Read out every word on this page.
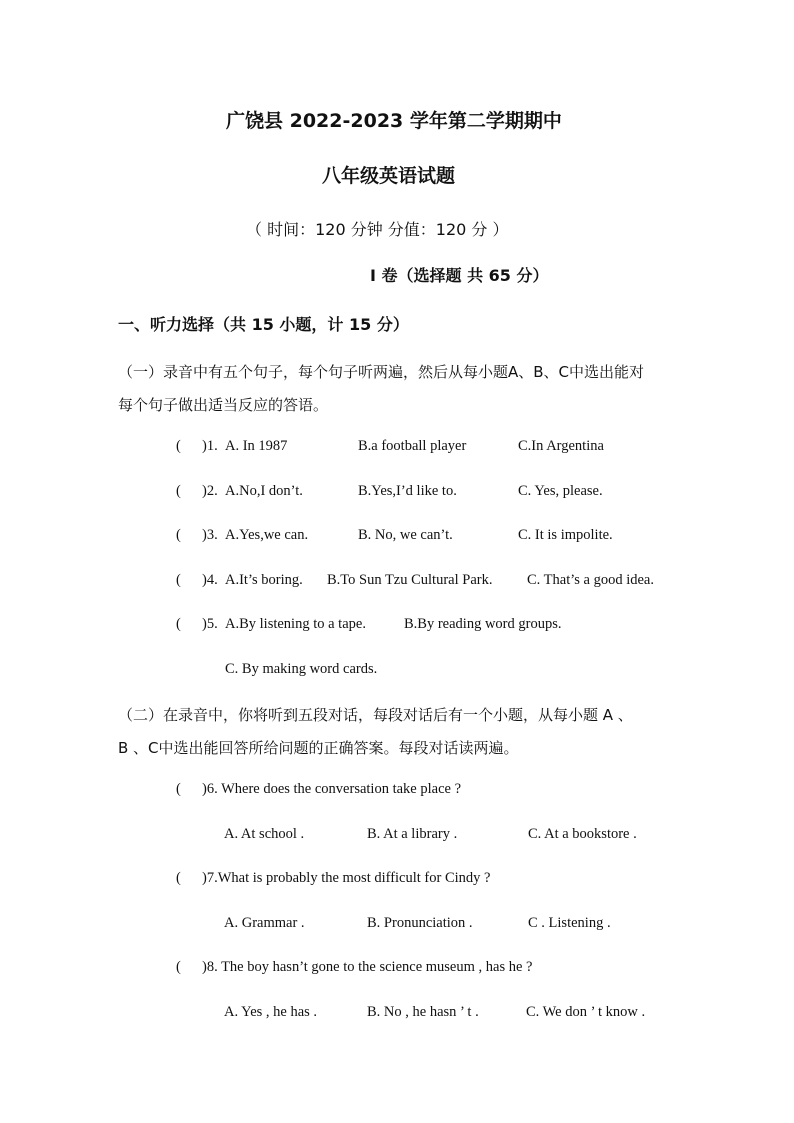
广饶县 2022-2023 学年第二学期期中
八年级英语试题
（ 时间：120 分钟 分值：120 分 ）
I 卷（选择题 共 65 分）
一、听力选择（共 15 小题，计 15 分）
（一）录音中有五个句子，每个句子听两遍，然后从每小题A、B、C中选出能对
每个句子做出适当反应的答语。
( )1. A. In 1987	B.a football player	C.In Argentina
( )2. A.No,I don’t.	B.Yes,I’d like to.	C. Yes, please.
( )3. A.Yes,we can.	B. No, we can’t.	C. It is impolite.
( )4. A.It’s boring. B.To Sun Tzu Cultural Park. C. That’s a good idea.
( )5. A.By listening to a tape.	B.By reading word groups.
C. By making word cards.
（二）在录音中，你将听到五段对话，每段对话后有一个小题，从每小题 A 、
B 、C中选出能回答所给问题的正确答案。每段对话读两遍。
( )6. Where does the conversation take place ?
A. At school .	B. At a library .	C. At a bookstore .
( )7.What is probably the most difficult for Cindy ?
A. Grammar .	B. Pronunciation .	C . Listening .
( )8. The boy hasn’t gone to the science museum , has he ?
A. Yes , he has .	B. No , he hasn ’ t .	C. We don ’ t know .
